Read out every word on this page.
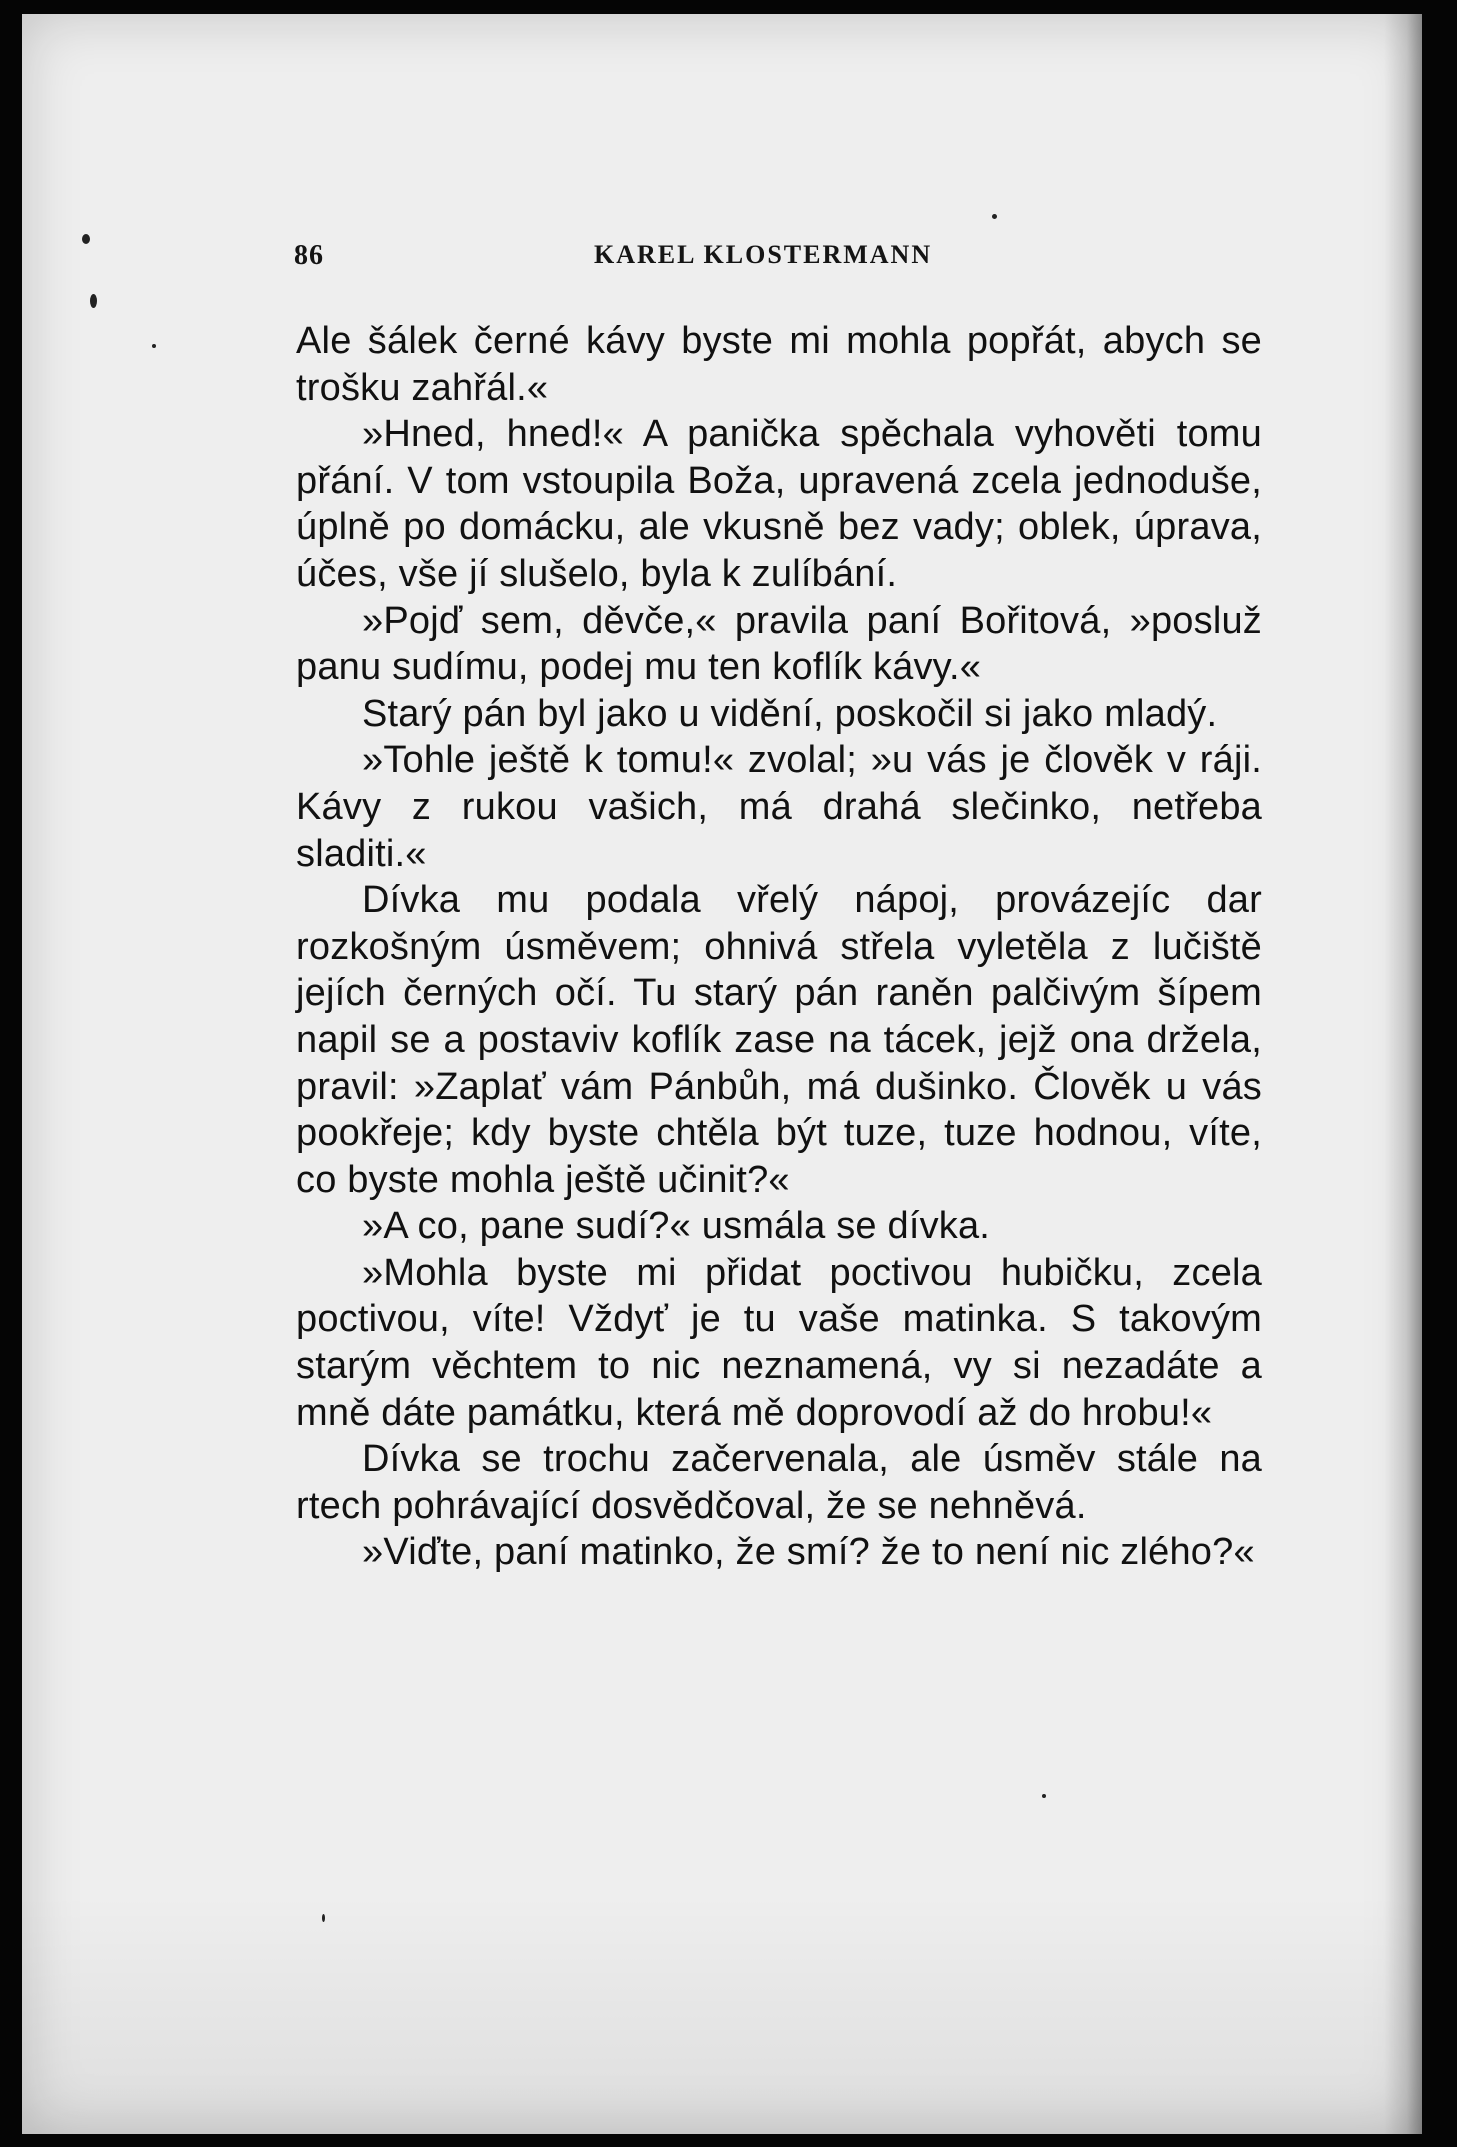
86	KAREL KLOSTERMANN

Ale šálek černé kávy byste mi mohla popřát, abych se trošku zahřál.«

»Hned, hned!« A panička spěchala vyhověti tomu přání. V tom vstoupila Boža, upravená zcela jednoduše, úplně po domácku, ale vkusně bez vady; oblek, úprava, účes, vše jí slušelo, byla k zulíbání.

»Pojď sem, děvče,« pravila paní Bořitová, »posluž panu sudímu, podej mu ten koflík kávy.«

Starý pán byl jako u vidění, poskočil si jako mladý.

»Tohle ještě k tomu!« zvolal; »u vás je člověk v ráji. Kávy z rukou vašich, má drahá slečinko, netřeba sladiti.«

Dívka mu podala vřelý nápoj, provázejíc dar rozkošným úsměvem; ohnivá střela vyletěla z lučiště jejích černých očí. Tu starý pán raněn palčivým šípem napil se a postaviv koflík zase na tácek, jejž ona držela, pravil: »Zaplať vám Pánbůh, má dušinko. Člověk u vás pookřeje; kdy byste chtěla být tuze, tuze hodnou, víte, co byste mohla ještě učinit?«

»A co, pane sudí?« usmála se dívka.

»Mohla byste mi přidat poctivou hubičku, zcela poctivou, víte! Vždyť je tu vaše matinka. S takovým starým věchtem to nic neznamená, vy si nezadáte a mně dáte památku, která mě doprovodí až do hrobu!«

Dívka se trochu začervenala, ale úsměv stále na rtech pohrávající dosvědčoval, že se nehněvá.

»Viďte, paní matinko, že smí? že to není nic zlého?«
